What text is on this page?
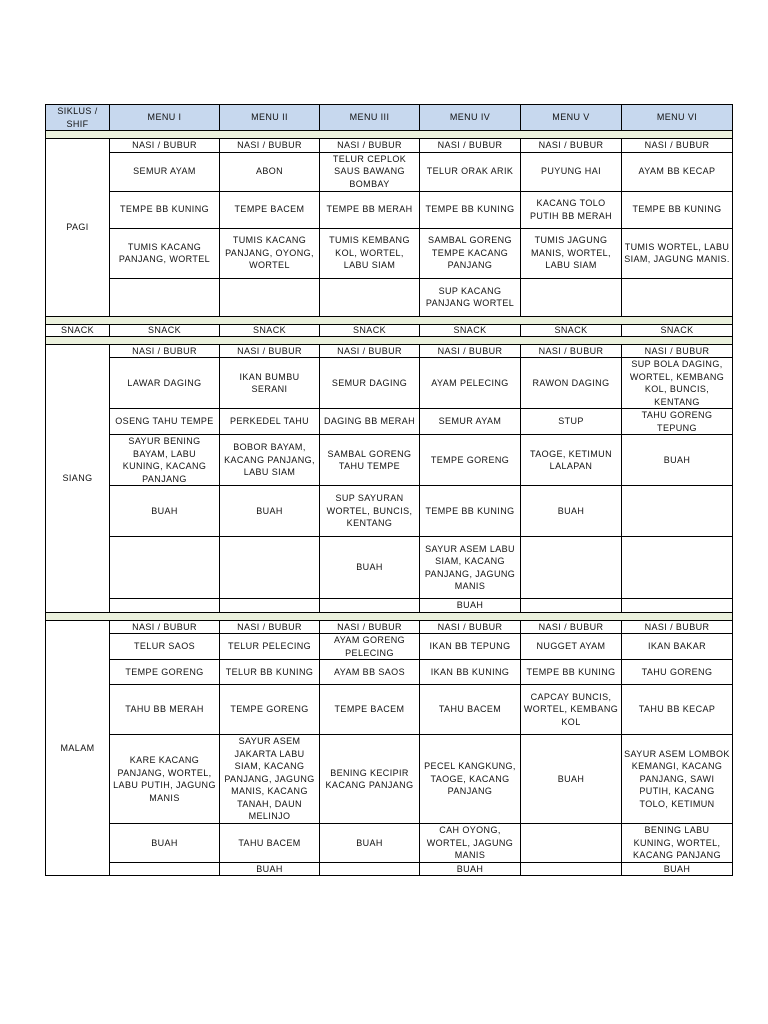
SIKLUS / SHIF	MENU I	MENU II	MENU III	MENU IV	MENU V	MENU VI

PAGI	NASI / BUBUR	NASI / BUBUR	NASI / BUBUR	NASI / BUBUR	NASI / BUBUR	NASI / BUBUR
	SEMUR AYAM	ABON	TELUR CEPLOK SAUS BAWANG BOMBAY	TELUR ORAK ARIK	PUYUNG HAI	AYAM BB KECAP
	TEMPE BB KUNING	TEMPE BACEM	TEMPE BB MERAH	TEMPE BB KUNING	KACANG TOLO PUTIH BB MERAH	TEMPE BB KUNING
	TUMIS KACANG PANJANG, WORTEL	TUMIS KACANG PANJANG, OYONG, WORTEL	TUMIS KEMBANG KOL, WORTEL, LABU SIAM	SAMBAL GORENG TEMPE KACANG PANJANG	TUMIS JAGUNG MANIS, WORTEL, LABU SIAM	TUMIS WORTEL, LABU SIAM, JAGUNG MANIS.
				SUP KACANG PANJANG WORTEL		

SNACK	SNACK	SNACK	SNACK	SNACK	SNACK	SNACK

SIANG	NASI / BUBUR	NASI / BUBUR	NASI / BUBUR	NASI / BUBUR	NASI / BUBUR	NASI / BUBUR
	LAWAR DAGING	IKAN BUMBU SERANI	SEMUR DAGING	AYAM PELECING	RAWON DAGING	SUP BOLA DAGING, WORTEL, KEMBANG KOL, BUNCIS, KENTANG
	OSENG TAHU TEMPE	PERKEDEL TAHU	DAGING BB MERAH	SEMUR AYAM	STUP	TAHU GORENG TEPUNG
	SAYUR BENING BAYAM, LABU KUNING, KACANG PANJANG	BOBOR BAYAM, KACANG PANJANG, LABU SIAM	SAMBAL GORENG TAHU TEMPE	TEMPE GORENG	TAOGE, KETIMUN LALAPAN	BUAH
	BUAH	BUAH	SUP SAYURAN WORTEL, BUNCIS, KENTANG	TEMPE BB KUNING	BUAH	
			BUAH	SAYUR ASEM LABU SIAM, KACANG PANJANG, JAGUNG MANIS		
				BUAH		

MALAM	NASI / BUBUR	NASI / BUBUR	NASI / BUBUR	NASI / BUBUR	NASI / BUBUR	NASI / BUBUR
	TELUR SAOS	TELUR PELECING	AYAM GORENG PELECING	IKAN BB TEPUNG	NUGGET AYAM	IKAN BAKAR
	TEMPE GORENG	TELUR BB KUNING	AYAM BB SAOS	IKAN BB KUNING	TEMPE BB KUNING	TAHU GORENG
	TAHU BB MERAH	TEMPE GORENG	TEMPE BACEM	TAHU BACEM	CAPCAY BUNCIS, WORTEL, KEMBANG KOL	TAHU BB KECAP
	KARE KACANG PANJANG, WORTEL, LABU PUTIH, JAGUNG MANIS	SAYUR ASEM JAKARTA LABU SIAM, KACANG PANJANG, JAGUNG MANIS, KACANG TANAH, DAUN MELINJO	BENING KECIPIR KACANG PANJANG	PECEL KANGKUNG, TAOGE, KACANG PANJANG	BUAH	SAYUR ASEM LOMBOK KEMANGI, KACANG PANJANG, SAWI PUTIH, KACANG TOLO, KETIMUN
	BUAH	TAHU BACEM	BUAH	CAH OYONG, WORTEL, JAGUNG MANIS		BENING LABU KUNING, WORTEL, KACANG PANJANG
		BUAH		BUAH		BUAH
